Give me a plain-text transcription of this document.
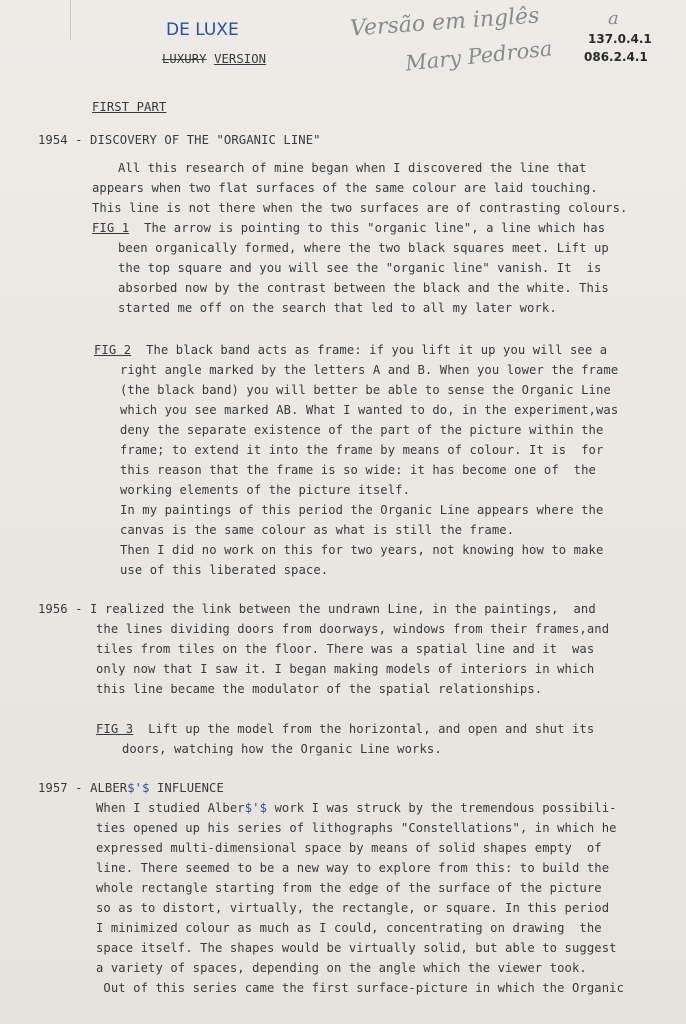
DE LUXE
LUXURY VERSION
Versão em inglês
Mary Pedrosa
a
137.0.4.1
086.2.4.1
FIRST PART
1954 - DISCOVERY OF THE "ORGANIC LINE"
All this research of mine began when I discovered the line that
appears when two flat surfaces of the same colour are laid touching.
This line is not there when the two surfaces are of contrasting colours.
FIG 1 The arrow is pointing to this "organic line", a line which has
been organically formed, where the two black squares meet. Lift up
the top square and you will see the "organic line" vanish. It  is
absorbed now by the contrast between the black and the white. This
started me off on the search that led to all my later work.
FIG 2 The black band acts as frame: if you lift it up you will see a
right angle marked by the letters A and B. When you lower the frame
(the black band) you will better be able to sense the Organic Line
which you see marked AB. What I wanted to do, in the experiment,was
deny the separate existence of the part of the picture within the
frame; to extend it into the frame by means of colour. It is  for
this reason that the frame is so wide: it has become one of  the
working elements of the picture itself.
In my paintings of this period the Organic Line appears where the
canvas is the same colour as what is still the frame.
Then I did no work on this for two years, not knowing how to make
use of this liberated space.
1956 - I realized the link between the undrawn Line, in the paintings,  and
the lines dividing doors from doorways, windows from their frames,and
tiles from tiles on the floor. There was a spatial line and it  was
only now that I saw it. I began making models of interiors in which
this line became the modulator of the spatial relationships.
FIG 3 Lift up the model from the horizontal, and open and shut its
doors, watching how the Organic Line works.
1957 - ALBER$'$ INFLUENCE
When I studied Alber$'$ work I was struck by the tremendous possibili-
ties opened up his series of lithographs "Constellations", in which he
expressed multi-dimensional space by means of solid shapes empty  of
line. There seemed to be a new way to explore from this: to build the
whole rectangle starting from the edge of the surface of the picture
so as to distort, virtually, the rectangle, or square. In this period
I minimized colour as much as I could, concentrating on drawing  the
space itself. The shapes would be virtually solid, but able to suggest
a variety of spaces, depending on the angle which the viewer took.
Out of this series came the first surface-picture in which the Organic
